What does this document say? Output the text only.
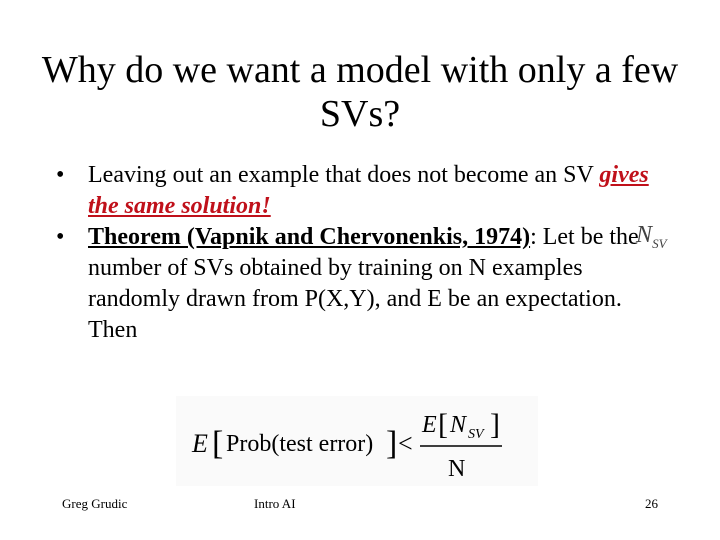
Why do we want a model with only a few SVs?
• Leaving out an example that does not become an SV gives the same solution!
• Theorem (Vapnik and Chervonenkis, 1974): Let be the
$N_{SV}$
number of SVs obtained by training on N examples randomly drawn from P(X,Y), and E be an expectation. Then
E [ Prob(test error) ] <
E [ N SV ]
N
Greg Grudic	Intro AI	26
